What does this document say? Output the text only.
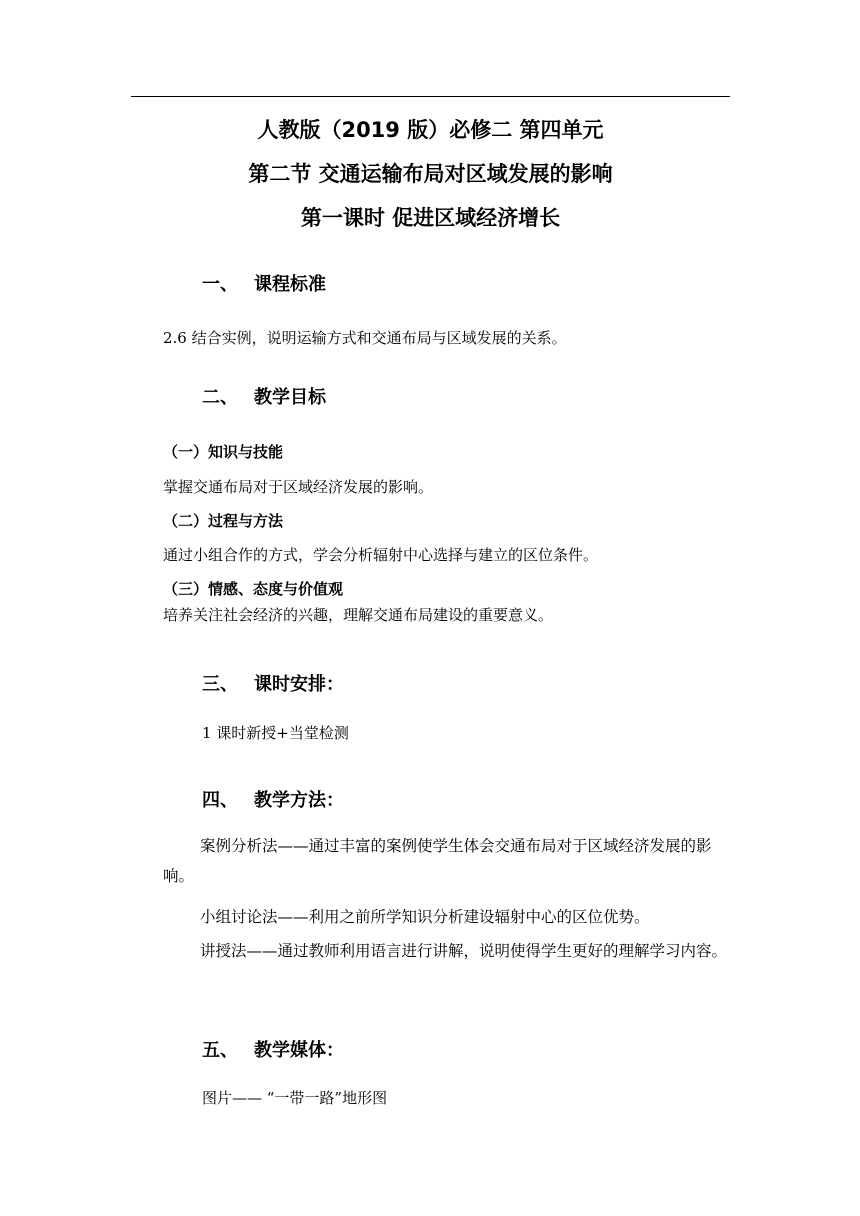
人教版（2019 版）必修二 第四单元
第二节 交通运输布局对区域发展的影响
第一课时 促进区域经济增长
一、 课程标准
2.6 结合实例，说明运输方式和交通布局与区域发展的关系。
二、 教学目标
（一）知识与技能
掌握交通布局对于区域经济发展的影响。
（二）过程与方法
通过小组合作的方式，学会分析辐射中心选择与建立的区位条件。
（三）情感、态度与价值观
培养关注社会经济的兴趣，理解交通布局建设的重要意义。
三、 课时安排：
1 课时新授+当堂检测
四、 教学方法：
案例分析法——通过丰富的案例使学生体会交通布局对于区域经济发展的影响。
小组讨论法——利用之前所学知识分析建设辐射中心的区位优势。
讲授法——通过教师利用语言进行讲解，说明使得学生更好的理解学习内容。
五、 教学媒体：
图片—— “一带一路”地形图
